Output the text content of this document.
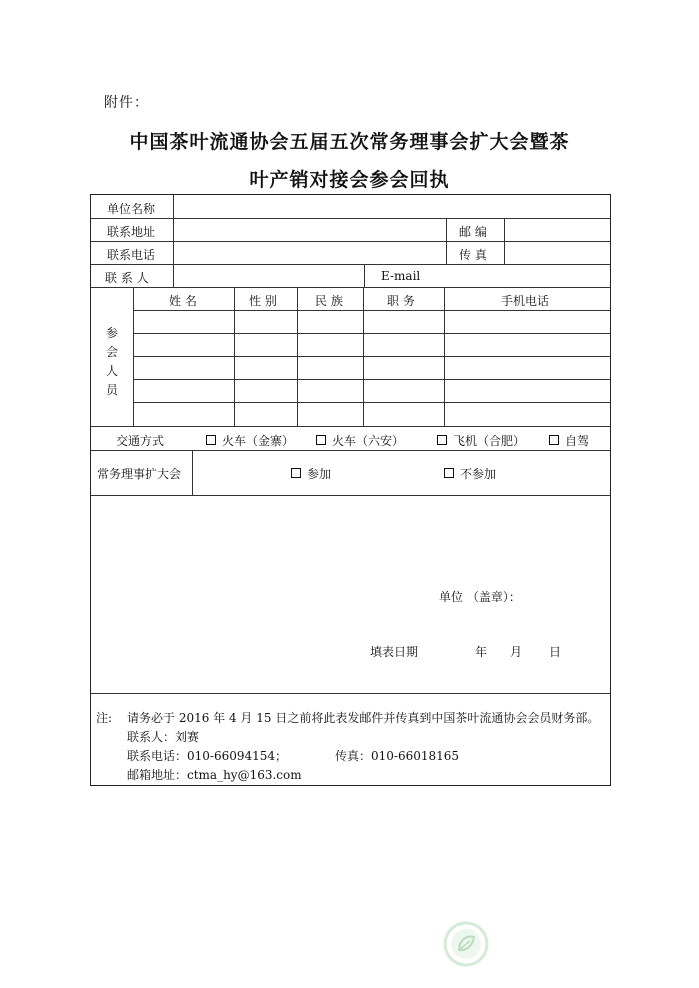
附件：
中国茶叶流通协会五届五次常务理事会扩大会暨茶
叶产销对接会参会回执
单位名称
联系地址	邮 编
联系电话	传 真
联 系 人	E-mail
参
会
人
员
姓 名	性 别	民 族	职 务	手机电话
交通方式	火车（金寨）	火车（六安）	飞机（合肥）	自驾
常务理事扩大会	参加	不参加
单位 （盖章）：
填表日期	年 月 日
注: 请务必于 2016 年 4 月 15 日之前将此表发邮件并传真到中国茶叶流通协会会员财务部。
联系人：刘赛
联系电话：010-66094154；	传真：010-66018165
邮箱地址：ctma_hy@163.com
